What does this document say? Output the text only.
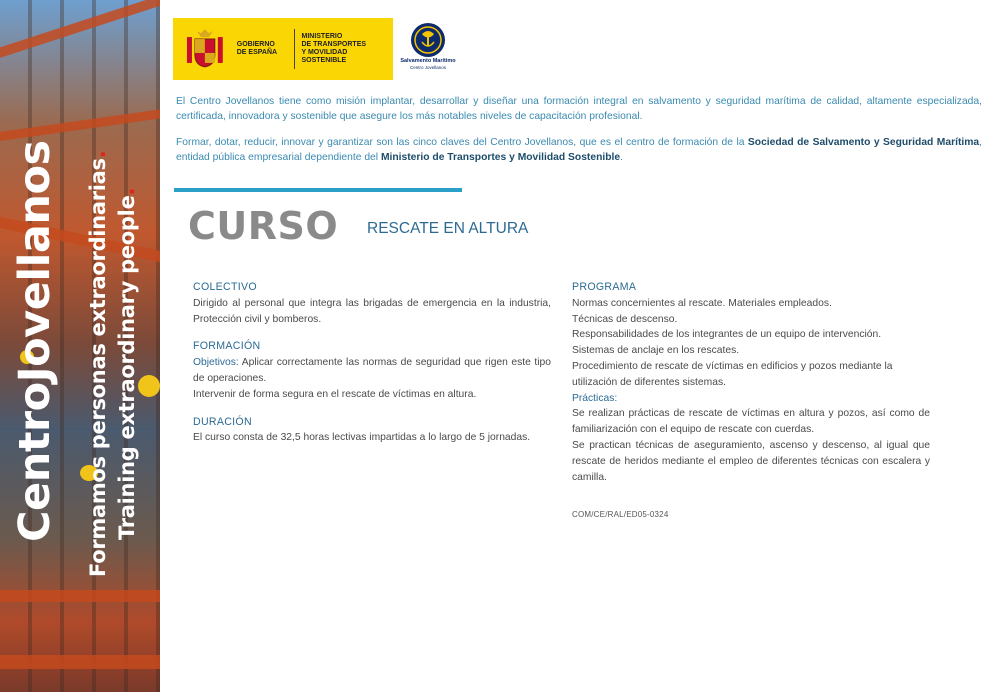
CentroJovellanos Formamos personas extraordinarias.
Training extraordinary people.
GOBIERNO
DE ESPAÑA
MINISTERIO
DE TRANSPORTES
Y MOVILIDAD SOSTENIBLE	Salvamento Marítimo
Centro Jovellanos

El Centro Jovellanos tiene como misión implantar, desarrollar y diseñar una formación integral en salvamento y seguridad marítima de calidad, altamente especializada, certificada, innovadora y sostenible que asegure los más notables niveles de capacitación profesional.

Formar, dotar, reducir, innovar y garantizar son las cinco claves del Centro Jovellanos, que es el centro de formación de la Sociedad de Salvamento y Seguridad Marítima, entidad pública empresarial dependiente del Ministerio de Transportes y Movilidad Sostenible.

CURSO RESCATE EN ALTURA
COLECTIVO
Dirigido al personal que integra las brigadas de emergencia en la industria, Protección civil y bomberos.
FORMACIÓN
Objetivos: Aplicar correctamente las normas de seguridad que rigen este tipo de operaciones.
Intervenir de forma segura en el rescate de víctimas en altura.
DURACIÓN
El curso consta de 32,5 horas lectivas impartidas a lo largo de 5 jornadas.
PROGRAMA
Normas concernientes al rescate. Materiales empleados.
Técnicas de descenso.
Responsabilidades de los integrantes de un equipo de intervención.
Sistemas de anclaje en los rescates.
Procedimiento de rescate de víctimas en edificios y pozos mediante la utilización de diferentes sistemas.
Prácticas:
Se realizan prácticas de rescate de víctimas en altura y pozos, así como de familiarización con el equipo de rescate con cuerdas.
Se practican técnicas de aseguramiento, ascenso y descenso, al igual que rescate de heridos mediante el empleo de diferentes técnicas con escalera y camilla.
COM/CE/RAL/ED05-0324
